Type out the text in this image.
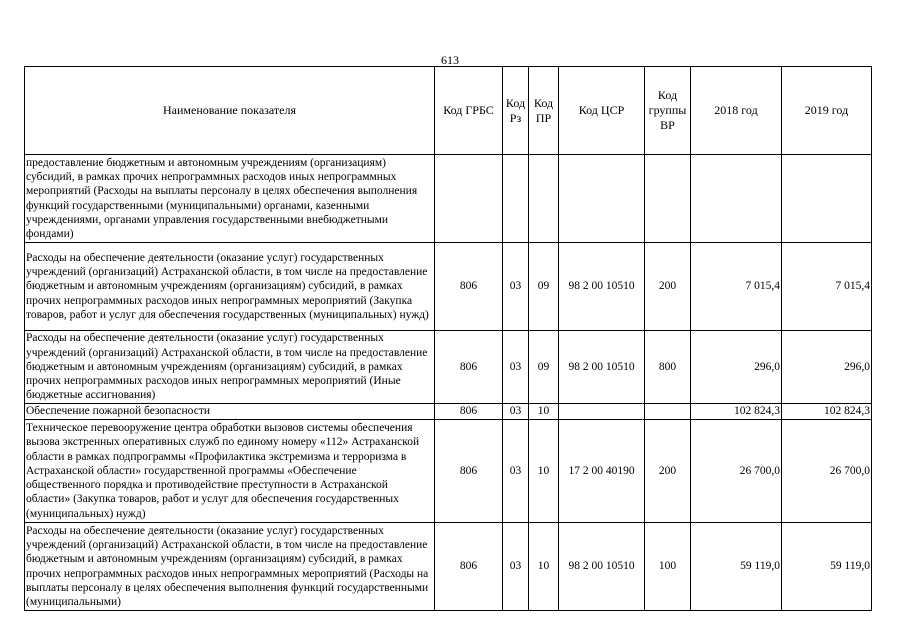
613
Наименование показателя	Код ГРБС	Код Рз	Код ПР	Код ЦСР	Код группы ВР	2018 год	2019 год
предоставление бюджетным и автономным учреждениям (организациям) субсидий, в рамках прочих непрограммных расходов иных непрограммных мероприятий (Расходы на выплаты персоналу в целях обеспечения выполнения функций государственными (муниципальными) органами, казенными учреждениями, органами управления государственными внебюджетными фондами)							
Расходы на обеспечение деятельности (оказание услуг) государственных учреждений (организаций) Астраханской области, в том числе на предоставление бюджетным и автономным учреждениям (организациям) субсидий, в рамках прочих непрограммных расходов иных непрограммных мероприятий (Закупка товаров, работ и услуг для обеспечения государственных (муниципальных) нужд)	806	03	09	98 2 00 10510	200	7 015,4	7 015,4
Расходы на обеспечение деятельности (оказание услуг) государственных учреждений (организаций) Астраханской области, в том числе на предоставление бюджетным и автономным учреждениям (организациям) субсидий, в рамках прочих непрограммных расходов иных непрограммных мероприятий (Иные бюджетные ассигнования)	806	03	09	98 2 00 10510	800	296,0	296,0
Обеспечение пожарной безопасности	806	03	10			102 824,3	102 824,3
Техническое перевооружение центра обработки вызовов системы обеспечения вызова экстренных оперативных служб по единому номеру «112» Астраханской области в рамках подпрограммы «Профилактика экстремизма и терроризма в Астраханской области» государственной программы «Обеспечение общественного порядка и противодействие преступности в Астраханской области» (Закупка товаров, работ и услуг для обеспечения государственных (муниципальных) нужд)	806	03	10	17 2 00 40190	200	26 700,0	26 700,0
Расходы на обеспечение деятельности (оказание услуг) государственных учреждений (организаций) Астраханской области, в том числе на предоставление бюджетным и автономным учреждениям (организациям) субсидий, в рамках прочих непрограммных расходов иных непрограммных мероприятий (Расходы на выплаты персоналу в целях обеспечения выполнения функций государственными (муниципальными)	806	03	10	98 2 00 10510	100	59 119,0	59 119,0
